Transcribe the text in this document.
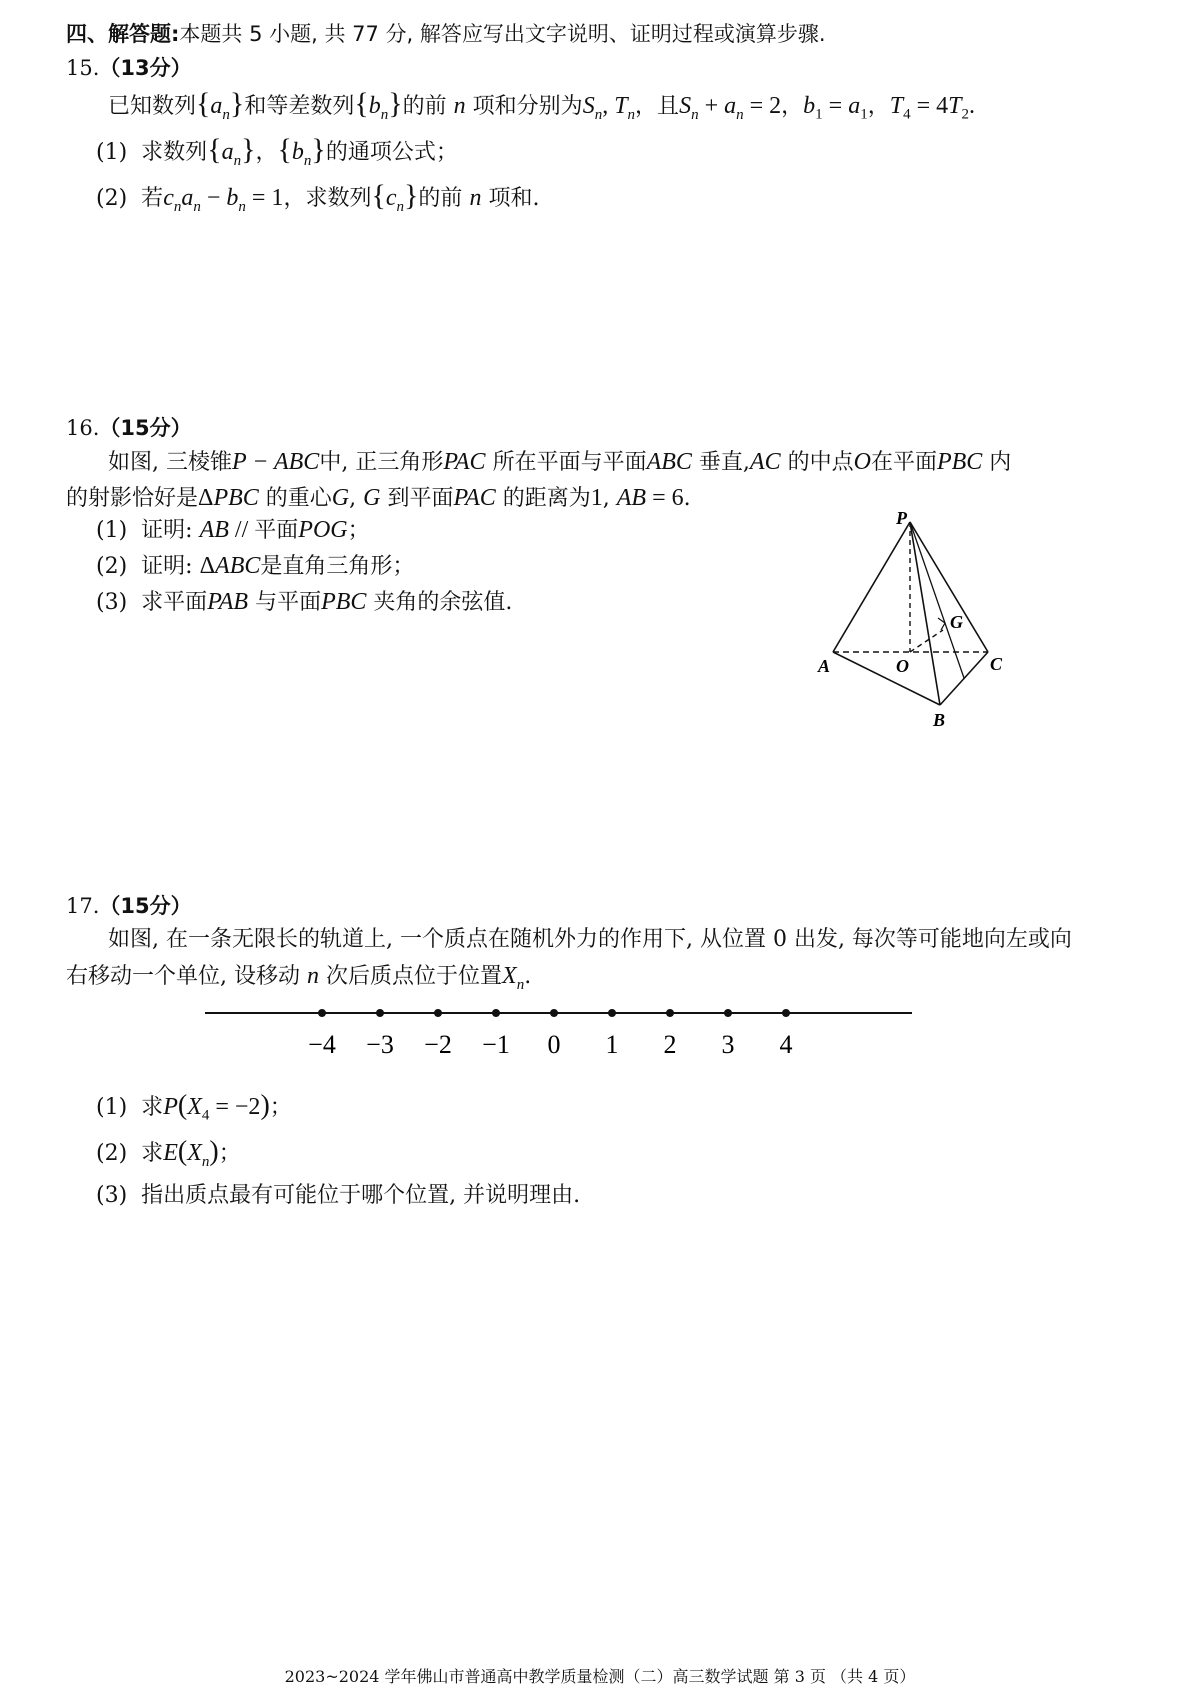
四、解答题:本题共 5 小题, 共 77 分, 解答应写出文字说明、证明过程或演算步骤.
15.（13分）
已知数列$\{a_n\}$和等差数列$\{b_n\}$的前 n 项和分别为$S_n$, $T_n$，且$S_n + a_n = 2$，$b_1 = a_1$，$T_4 = 4T_2$.
(1) 求数列$\{a_n\}$，$\{b_n\}$的通项公式；
(2) 若$c_na_n - b_n = 1$，求数列$\{c_n\}$的前 n 项和.
16.（15分）
如图, 三棱锥P − ABC中, 正三角形PAC 所在平面与平面ABC 垂直,AC 的中点O在平面PBC 内
的射影恰好是ΔPBC 的重心G, G 到平面PAC 的距离为1, AB = 6.
(1) 证明: AB // 平面POG；
(2) 证明: ΔABC是直角三角形；
(3) 求平面PAB 与平面PBC 夹角的余弦值.
P
G
A	O	C
B
17.（15分）
如图, 在一条无限长的轨道上, 一个质点在随机外力的作用下, 从位置 0 出发, 每次等可能地向左或向
右移动一个单位, 设移动 n 次后质点位于位置$X_n$.
−4 −3 −2 −1 0 1 2 3 4
(1) 求$P(X_4 = -2)$；
(2) 求$E(X_n)$；
(3) 指出质点最有可能位于哪个位置, 并说明理由.
2023~2024 学年佛山市普通高中教学质量检测（二）高三数学试题 第 3 页 （共 4 页）
